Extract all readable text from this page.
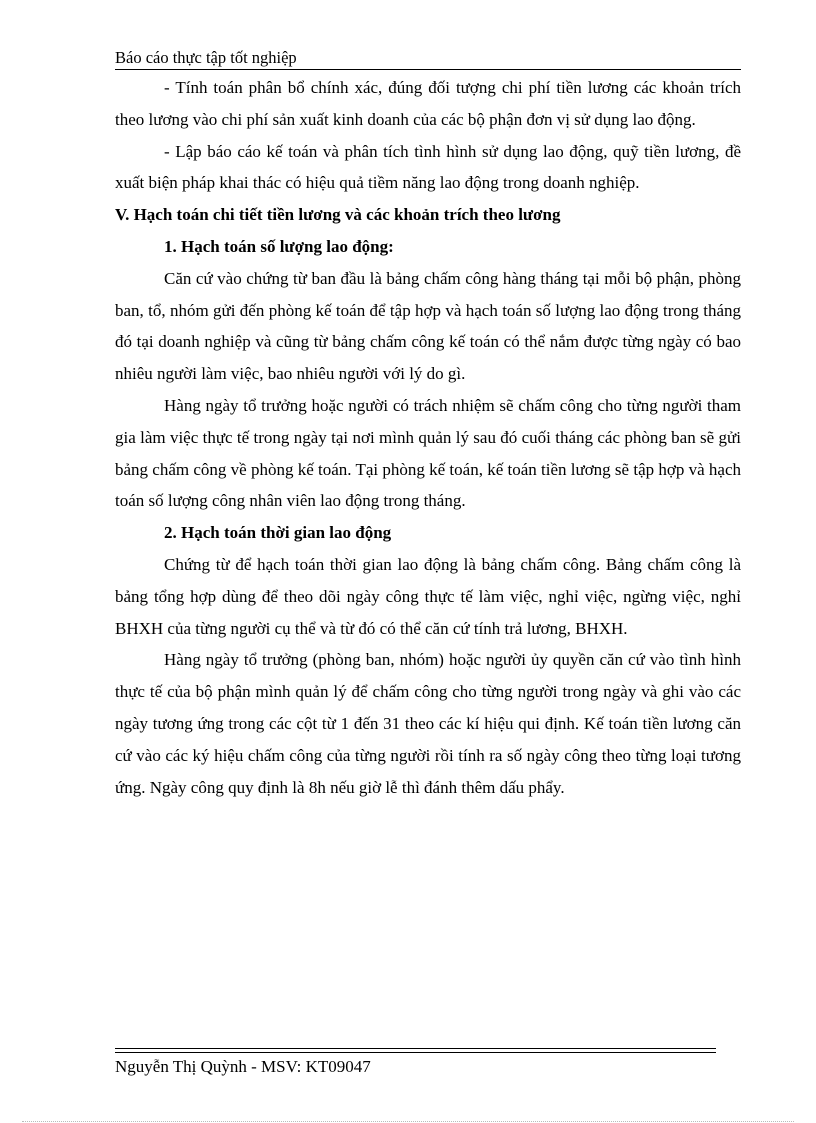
Báo cáo thực tập tốt nghiệp

- Tính toán phân bổ chính xác, đúng đối tượng chi phí tiền lương các khoản trích theo lương vào chi phí sản xuất kinh doanh của các bộ phận đơn vị sử dụng lao động.

- Lập báo cáo kế toán và phân tích tình hình sử dụng lao động, quỹ tiền lương, đề xuất biện pháp khai thác có hiệu quả tiềm năng lao động trong doanh nghiệp.

V. Hạch toán chi tiết tiền lương và các khoản trích theo lương

1. Hạch toán số lượng lao động:

Căn cứ vào chứng từ ban đầu là bảng chấm công hàng tháng tại mỗi bộ phận, phòng ban, tổ, nhóm gửi đến phòng kế toán để tập hợp và hạch toán số lượng lao động trong tháng đó tại doanh nghiệp và cũng từ bảng chấm công kế toán có thể nắm được từng ngày có bao nhiêu người làm việc, bao nhiêu người với lý do gì.

Hàng ngày tổ trưởng hoặc người có trách nhiệm sẽ chấm công cho từng người tham gia làm việc thực tế trong ngày tại nơi mình quản lý sau đó cuối tháng các phòng ban sẽ gửi bảng chấm công về phòng kế toán. Tại phòng kế toán, kế toán tiền lương sẽ tập hợp và hạch toán số lượng công nhân viên lao động trong tháng.

2. Hạch toán thời gian lao động

Chứng từ để hạch toán thời gian lao động là bảng chấm công. Bảng chấm công là bảng tổng hợp dùng để theo dõi ngày công thực tế làm việc, nghỉ việc, ngừng việc, nghỉ BHXH của từng người cụ thể và từ đó có thể căn cứ tính trả lương, BHXH.

Hàng ngày tổ trưởng (phòng ban, nhóm) hoặc người ủy quyền căn cứ vào tình hình thực tế của bộ phận mình quản lý để chấm công cho từng người trong ngày và ghi vào các ngày tương ứng trong các cột từ 1 đến 31 theo các kí hiệu qui định. Kế toán tiền lương căn cứ vào các ký hiệu chấm công của từng người rồi tính ra số ngày công theo từng loại tương ứng. Ngày công quy định là 8h nếu giờ lễ thì đánh thêm dấu phẩy.

Nguyễn Thị Quỳnh - MSV: KT09047
